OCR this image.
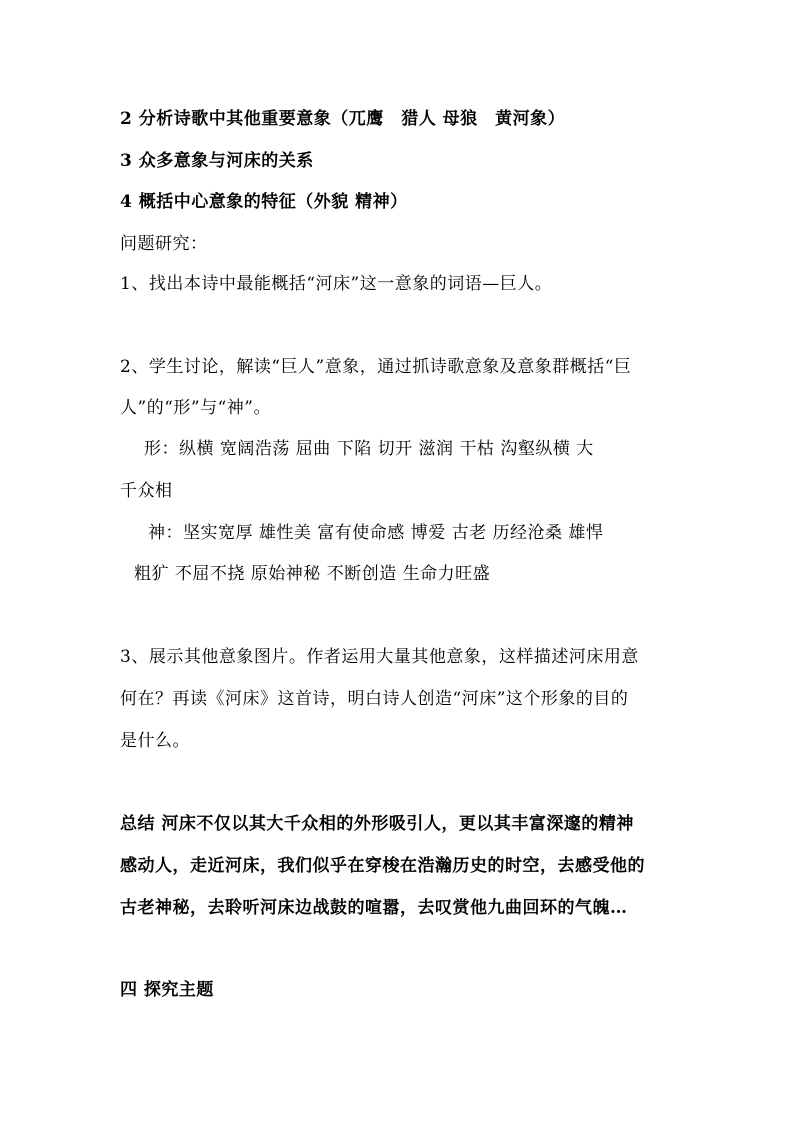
2 分析诗歌中其他重要意象（兀鹰　猎人 母狼　黄河象）
3 众多意象与河床的关系
4 概括中心意象的特征（外貌 精神）
问题研究：
1、找出本诗中最能概括“河床”这一意象的词语—巨人。
2、学生讨论，解读“巨人”意象，通过抓诗歌意象及意象群概括“巨
人”的“形”与“神”。
形：纵横 宽阔浩荡 屈曲 下陷 切开 滋润 干枯 沟壑纵横 大
千众相
神：坚实宽厚 雄性美 富有使命感 博爱 古老 历经沧桑 雄悍
粗犷 不屈不挠 原始神秘 不断创造 生命力旺盛
3、展示其他意象图片。作者运用大量其他意象，这样描述河床用意
何在？再读《河床》这首诗，明白诗人创造“河床”这个形象的目的
是什么。
总结 河床不仅以其大千众相的外形吸引人，更以其丰富深邃的精神
感动人，走近河床，我们似乎在穿梭在浩瀚历史的时空，去感受他的
古老神秘，去聆听河床边战鼓的喧嚣，去叹赏他九曲回环的气魄…
四 探究主题
